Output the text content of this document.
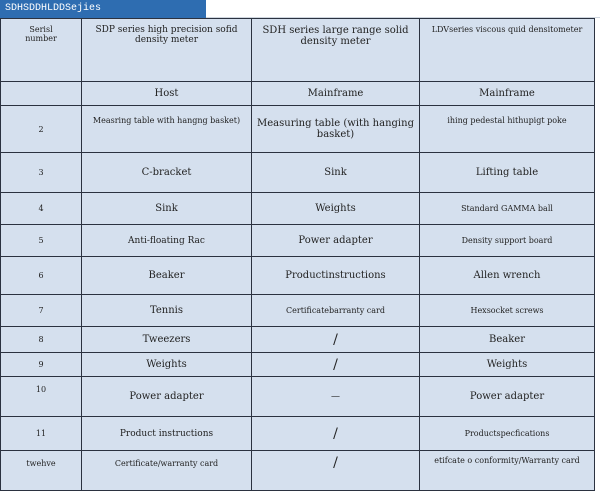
SDHSDDHLDDSejies
Serisl
number	SDP series high precision sofid density meter	SDH series large range solid density meter	LDVseries viscous quid densitometer
	Host	Mainframe	Mainframe
2	Measring table with hangng basket)	Measuring table (with hanging basket)	ihing pedestal hithupigt poke
3	C-bracket	Sink	Lifting table
4	Sink	Weights	Standard GAMMA ball
5	Anti-floating Rac	Power adapter	Density support board
6	Beaker	Productinstructions	Allen wrench
7	Tennis	Certificatebarranty card	Hexsocket screws
8	Tweezers	/	Beaker
9	Weights	/	Weights
10	Power adapter	—	Power adapter
11	Product instructions	/	Productspecfications
twehve	Certificate/warranty card	/	etifcate o conformity/Warranty card
